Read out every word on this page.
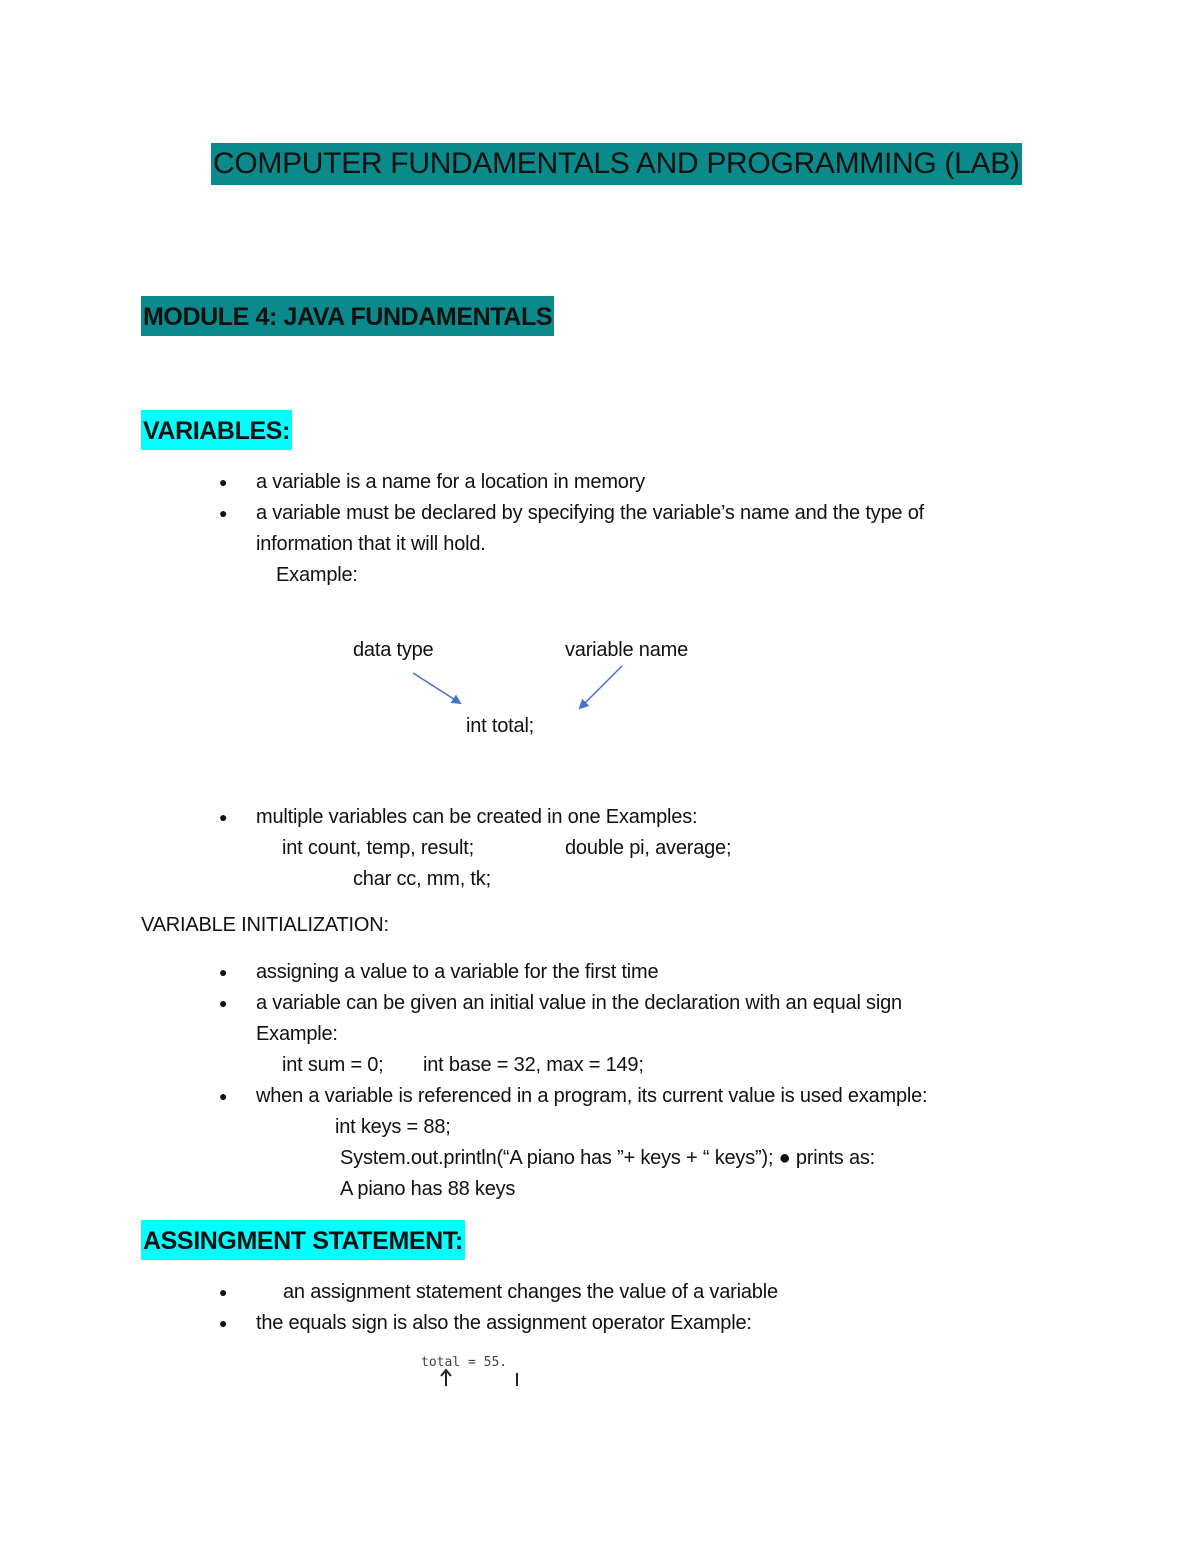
COMPUTER FUNDAMENTALS AND PROGRAMMING (LAB)
MODULE 4: JAVA FUNDAMENTALS
VARIABLES:
● a variable is a name for a location in memory
● a variable must be declared by specifying the variable’s name and the type of
information that it will hold.
Example:
data type	variable name
int total;
● multiple variables can be created in one Examples:
int count, temp, result;	double pi, average;
char cc, mm, tk;
VARIABLE INITIALIZATION:
● assigning a value to a variable for the first time
● a variable can be given an initial value in the declaration with an equal sign
Example:
int sum = 0; int base = 32, max = 149;
● when a variable is referenced in a program, its current value is used example:
int keys = 88;
System.out.println(“A piano has ”+ keys + “ keys”); ● prints as:
A piano has 88 keys
ASSINGMENT STATEMENT:
●	an assignment statement changes the value of a variable
● the equals sign is also the assignment operator Example:
total = 55.
